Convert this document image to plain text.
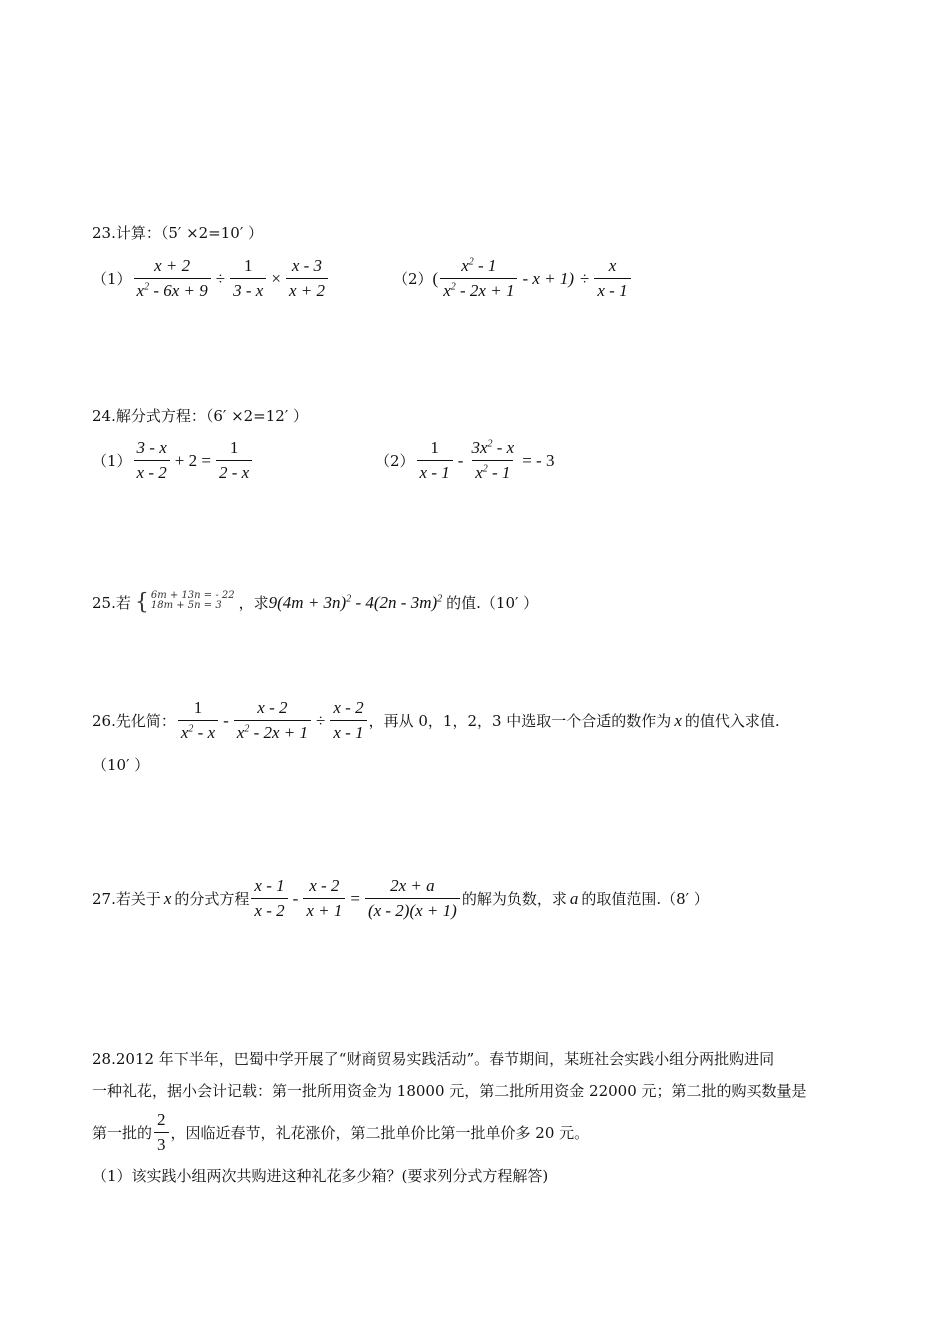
23.计算：（5′ ×2=10′ ）
$(1) \frac{x + 2}{x^2 - 6x + 9} \div \frac{1}{3 - x} \times \frac{x - 3}{x + 2}$	（2） ( $\frac{x^2 - 1}{x^2 - 2x + 1} - x + 1) \div \frac{x}{x - 1}$
24.解分式方程：（6′ ×2=12′ ）
$(1) \frac{3 - x}{x - 2} + 2 = \frac{1}{2 - x}$	$(2) \frac{1}{x - 1} - \frac{3x^2 - x}{x^2 - 1}$ = - 3
25.若 { 6m + 13n = - 22
18m + 5n = 3	，求 $9(4m + 3n)^2 - 4(2n - 3m)^2$ 的值.（10′ ）
26.先化简： $\frac{1}{x^2 - x} - \frac{x - 2}{x^2 - 2x + 1} \div \frac{x - 2}{x - 1}$ ，再从 0，1，2，3 中选取一个合适的数作为 x 的值代入求值.
（10′ ）
27.若关于 x 的分式方程 $\frac{x - 1}{x - 2} - \frac{x - 2}{x + 1} = \frac{2x + a}{(x - 2)(x + 1)}$ 的解为负数，求 a 的取值范围.（8′ ）
28.2012 年下半年，巴蜀中学开展了“财商贸易实践活动”。春节期间，某班社会实践小组分两批购进同
一种礼花，据小会计记载：第一批所用资金为 18000 元，第二批所用资金 22000 元；第二批的购买数量是
第一批的 $\frac{2}{3}$ ，因临近春节，礼花涨价，第二批单价比第一批单价多 20 元。
（1）该实践小组两次共购进这种礼花多少箱？(要求列分式方程解答)
